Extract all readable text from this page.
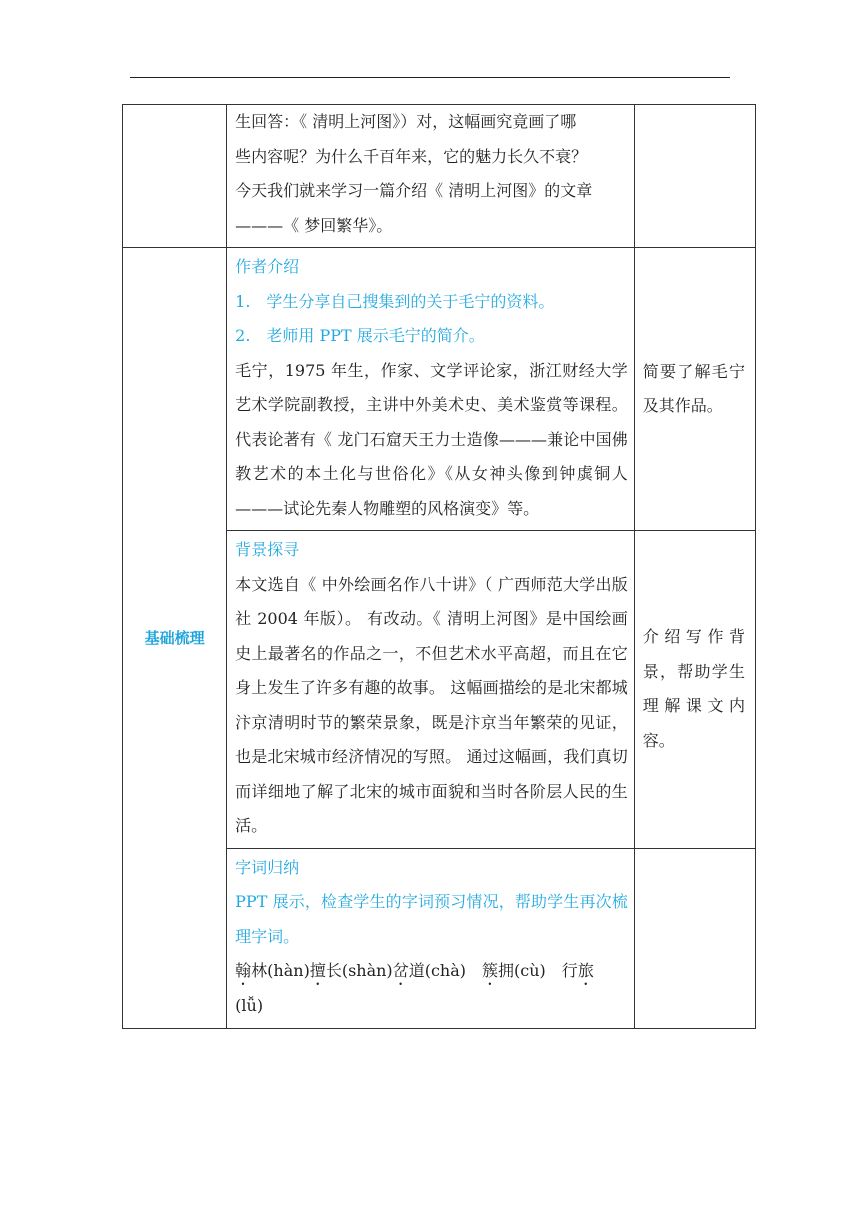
	生回答：《 清明上河图》）对，这幅画究竟画了哪

些内容呢？为什么千百年来，它的魅力长久不衰？

今天我们就来学习一篇介绍《 清明上河图》的文章

———《 梦回繁华》。	

基础梳理	作者介绍

1.　学生分享自己搜集到的关于毛宁的资料。

2.　老师用 PPT 展示毛宁的简介。

毛宁，1975 年生，作家、文学评论家，浙江财经大学艺术学院副教授，主讲中外美术史、美术鉴赏等课程。 代表论著有《 龙门石窟天王力士造像———兼论中国佛教艺术的本土化与世俗化》《从女神头像到钟虡铜人———试论先秦人物雕塑的风格演变》等。	简要了解毛宁及其作品。

	背景探寻

本文选自《 中外绘画名作八十讲》（ 广西师范大学出版社 2004 年版）。 有改动。《 清明上河图》是中国绘画史上最著名的作品之一，不但艺术水平高超，而且在它身上发生了许多有趣的故事。 这幅画描绘的是北宋都城汴京清明时节的繁荣景象，既是汴京当年繁荣的见证，也是北宋城市经济情况的写照。 通过这幅画，我们真切而详细地了解了北宋的城市面貌和当时各阶层人民的生活。	介绍写作背景，帮助学生理解课文内容。

	字词归纳

PPT 展示，检查学生的字词预习情况，帮助学生再次梳理字词。

翰林(hàn)擅长(shàn)岔道(chà)　 簇拥(cù)　行旅

(lǚ)	
